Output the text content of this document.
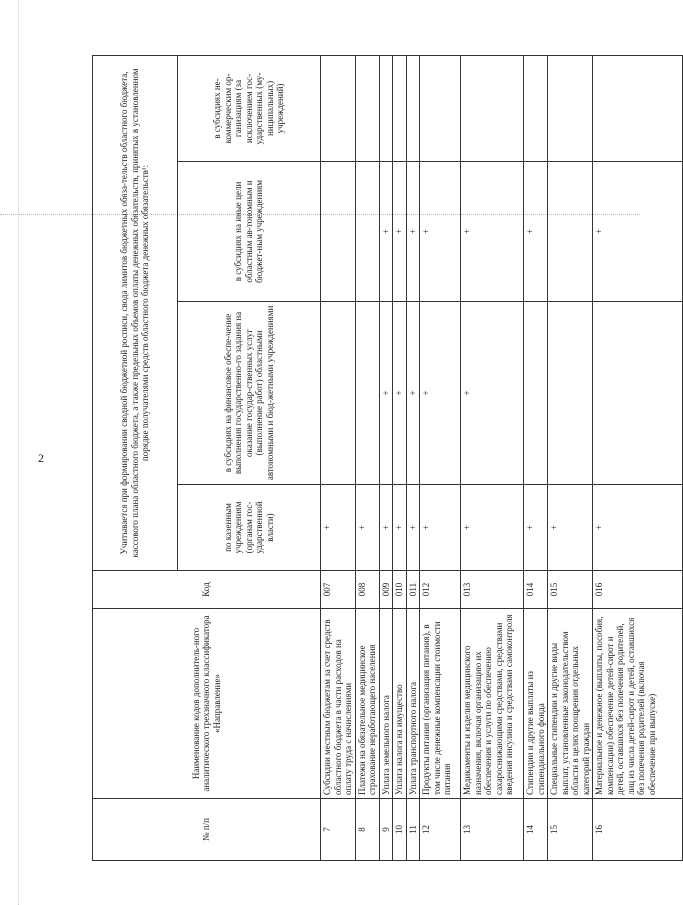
2
№ п/п	Наименование кодов дополнитель-ного аналитического трехзначного классификатора «Направление»	Код	Учитывается при формировании сводной бюджетной росписи, свода лимитов бюджетных обяза-тельств областного бюджета, кассового плана областного бюджета, а также предельных объемов оплаты денежных обязательств, принятых в установленном порядке получателями средств областного бюджета денежных обязательств¹:			
			по казенным учреждениям (органам гос-ударственной власти)	в субсидиях на финансовое обеспе-чение выполнения государственно-го задания на оказание государ-ственных услуг (выполнение работ) областными автономными и бюд-жетными учреждениями	в субсидиях на иные цели областным ав-тономным и бюджет-ным учреждениям	в субсидиях не-коммерческим ор-ганизациям (за исключением гос-ударственных (му-ниципальных) учреждений)
7	Субсидии местным бюджетам за счет средств областного бюджета в части расходов на оплату труда с начислениями	007	+			
8	Платежи на обязательное медицинское страхование неработающего населения	008	+			
9	Уплата земельного налога	009	+	+	+	
10	Уплата налога на имущество	010	+	+	+	
11	Уплата транспортного налога	011	+	+	+	
12	Продукты питания (организация питания), в том числе денежные компенсации стоимости питания	012	+	+	+	
13	Медикаменты и изделия медицинского назначения, включая организацию их обеспечения и услуги по обеспечению сахароснижающими средствами, средствами введения инсулина и средствами самоконтроля	013	+	+	+	
14	Стипендии и другие выплаты из стипендиального фонда	014	+		+	
15	Специальные стипендии и другие виды выплат, установленные законодательством области в целях поощрения отдельных категорий граждан	015	+			
16	Материальное и денежное (выплаты, пособия, компенсации) обеспечение детей-сирот и детей, оставшихся без попечения родителей, лиц из числа детей-сирот и детей, оставшихся без попечения родителей (включая обеспечение при выпуске)	016	+		+	
